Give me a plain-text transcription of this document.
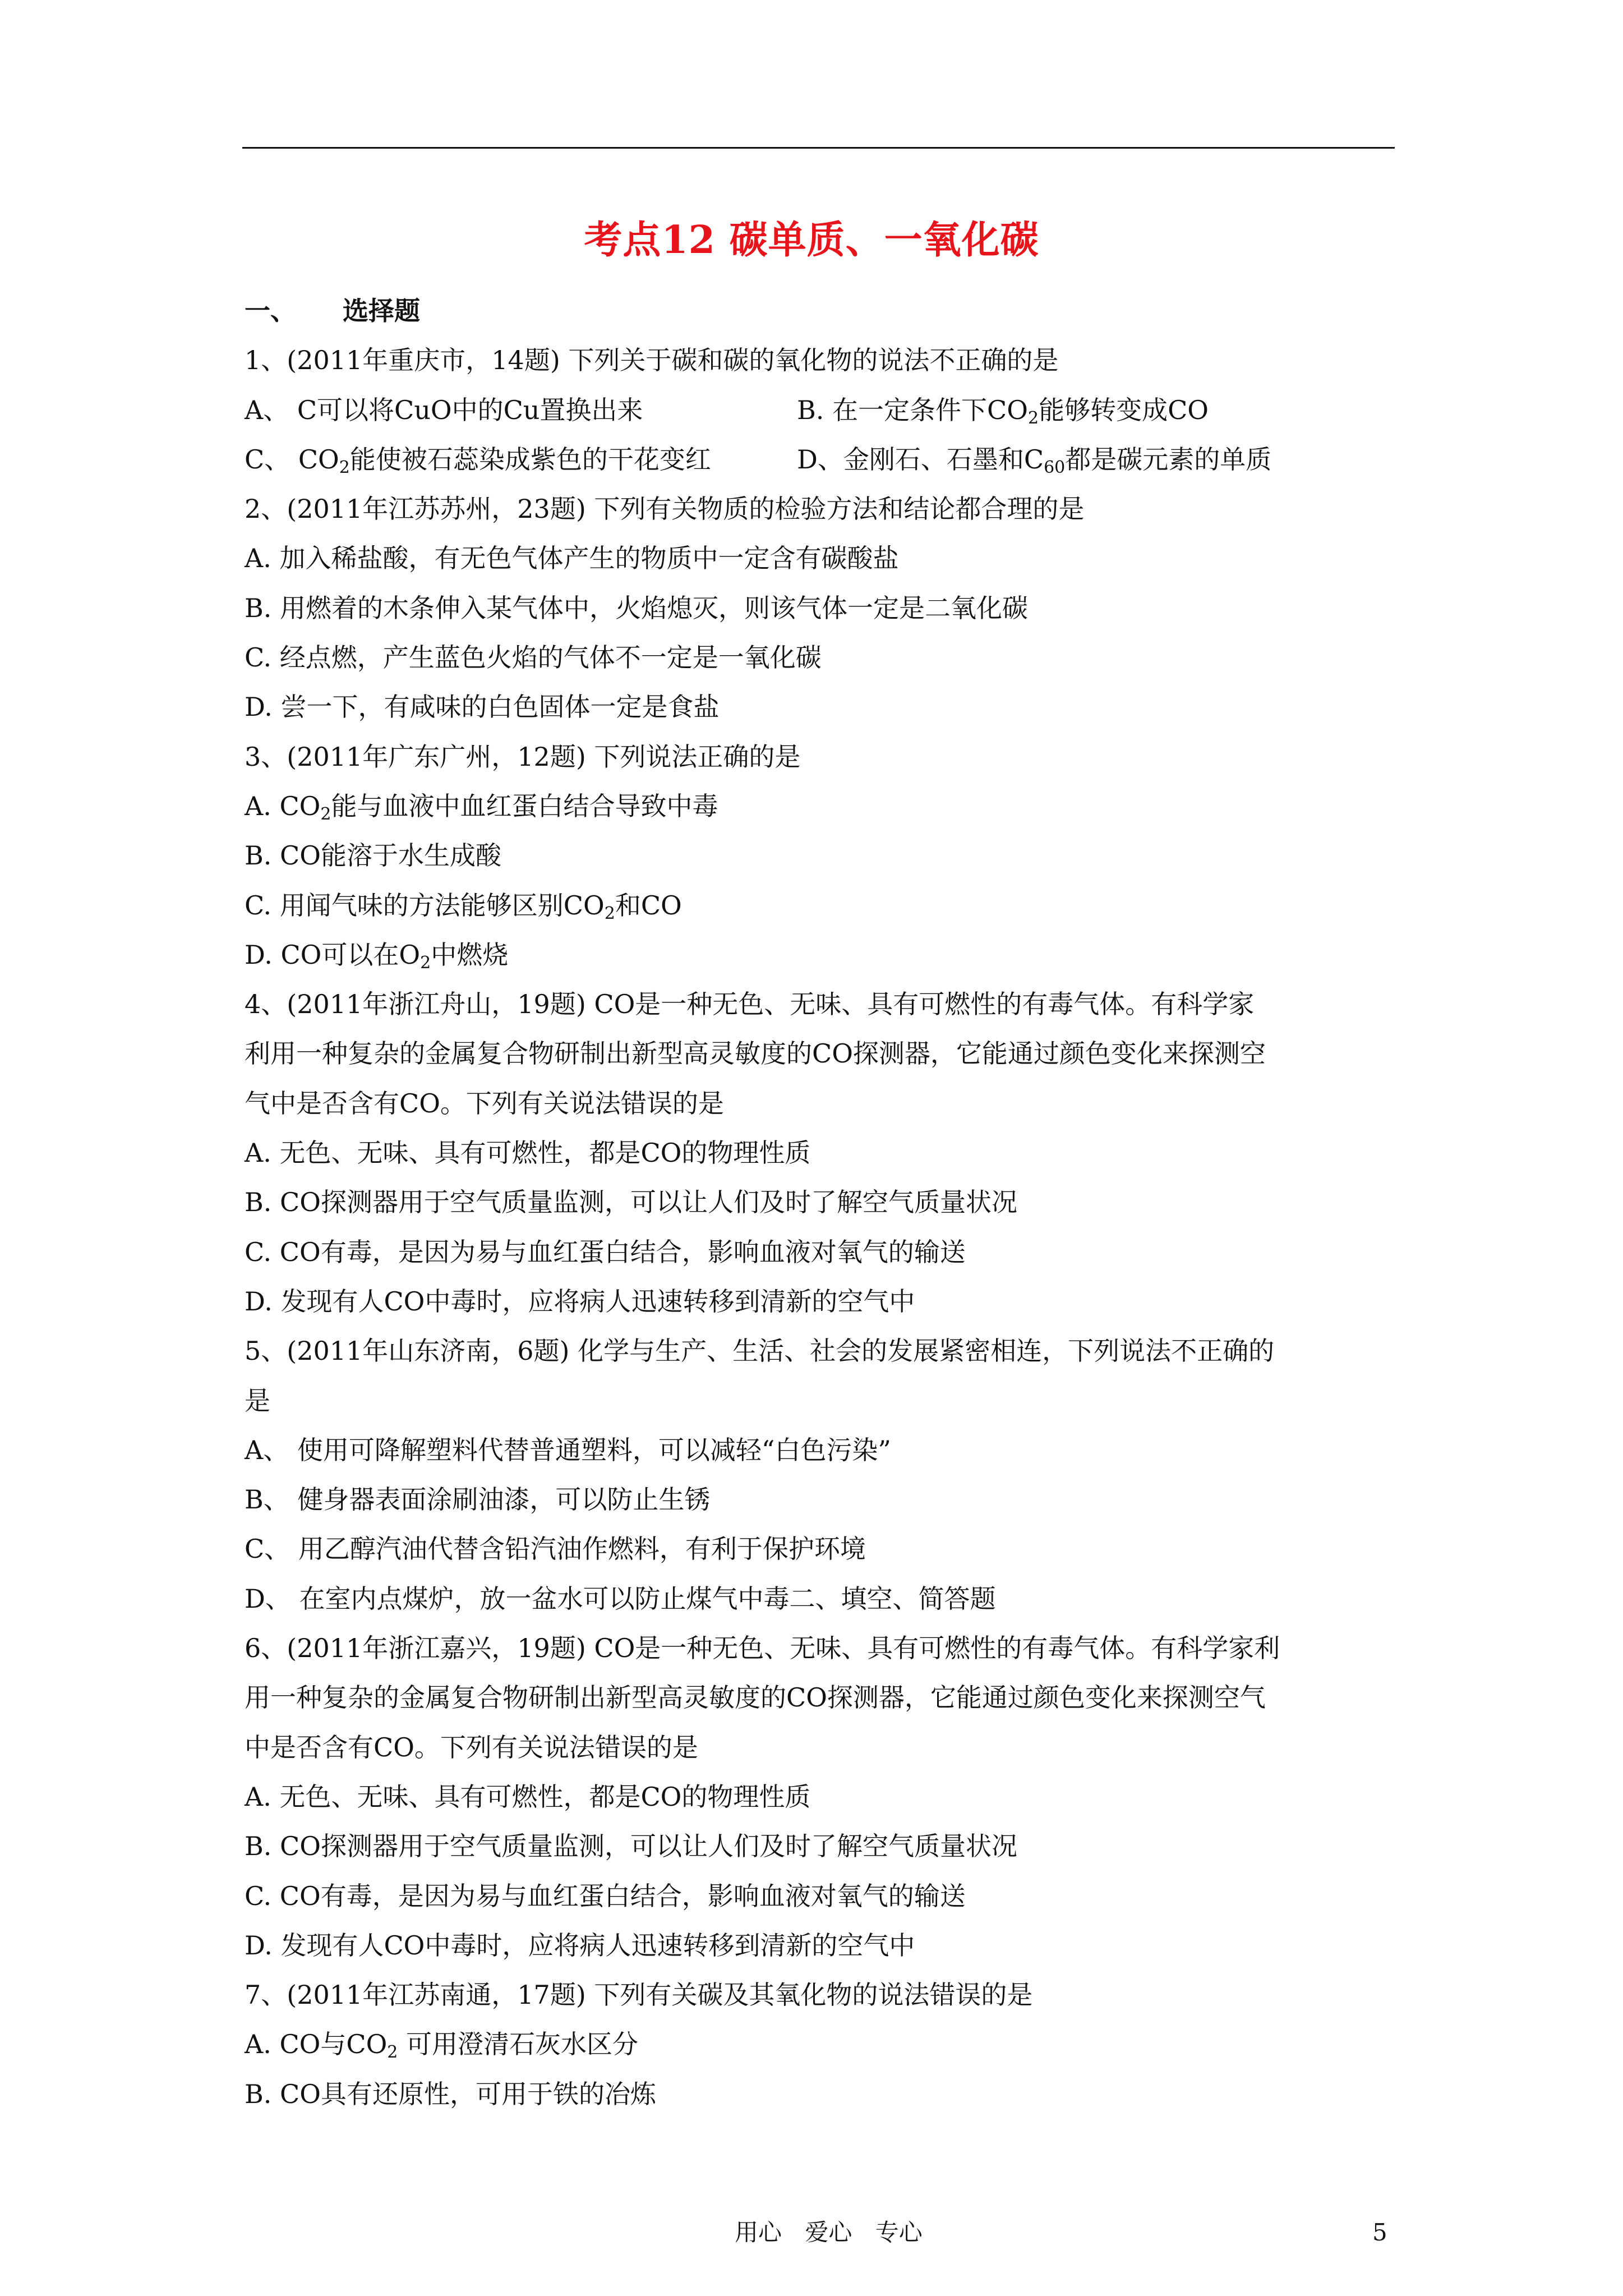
考点12 碳单质、一氧化碳
一、 选择题
1、(2011年重庆市，14题) 下列关于碳和碳的氧化物的说法不正确的是
A、 C可以将CuO中的Cu置换出来	B. 在一定条件下$CO_2$能够转变成CO
C、 $CO_2$能使被石蕊染成紫色的干花变红	D、金刚石、石墨和$C_{60}$都是碳元素的单质
2、(2011年江苏苏州，23题) 下列有关物质的检验方法和结论都合理的是
A. 加入稀盐酸，有无色气体产生的物质中一定含有碳酸盐
B. 用燃着的木条伸入某气体中，火焰熄灭，则该气体一定是二氧化碳
C. 经点燃，产生蓝色火焰的气体不一定是一氧化碳
D. 尝一下，有咸味的白色固体一定是食盐
3、(2011年广东广州，12题) 下列说法正确的是
A. $CO_2$能与血液中血红蛋白结合导致中毒
B. CO能溶于水生成酸
C. 用闻气味的方法能够区别$CO_2$和CO
D. CO可以在$O_2$中燃烧
4、(2011年浙江舟山，19题) CO是一种无色、无味、具有可燃性的有毒气体。有科学家
利用一种复杂的金属复合物研制出新型高灵敏度的CO探测器，它能通过颜色变化来探测空
气中是否含有CO。下列有关说法错误的是
A. 无色、无味、具有可燃性，都是CO的物理性质
B. CO探测器用于空气质量监测，可以让人们及时了解空气质量状况
C. CO有毒，是因为易与血红蛋白结合，影响血液对氧气的输送
D. 发现有人CO中毒时，应将病人迅速转移到清新的空气中
5、(2011年山东济南，6题) 化学与生产、生活、社会的发展紧密相连，下列说法不正确的
是
A、 使用可降解塑料代替普通塑料，可以减轻“白色污染”
B、 健身器表面涂刷油漆，可以防止生锈
C、 用乙醇汽油代替含铅汽油作燃料，有利于保护环境
D、 在室内点煤炉，放一盆水可以防止煤气中毒二、填空、简答题
6、(2011年浙江嘉兴，19题) CO是一种无色、无味、具有可燃性的有毒气体。有科学家利
用一种复杂的金属复合物研制出新型高灵敏度的CO探测器，它能通过颜色变化来探测空气
中是否含有CO。下列有关说法错误的是
A. 无色、无味、具有可燃性，都是CO的物理性质
B. CO探测器用于空气质量监测，可以让人们及时了解空气质量状况
C. CO有毒，是因为易与血红蛋白结合，影响血液对氧气的输送
D. 发现有人CO中毒时，应将病人迅速转移到清新的空气中
7、(2011年江苏南通，17题) 下列有关碳及其氧化物的说法错误的是
A. CO与$CO_2$ 可用澄清石灰水区分
B. CO具有还原性，可用于铁的冶炼
用心 爱心 专心	5
